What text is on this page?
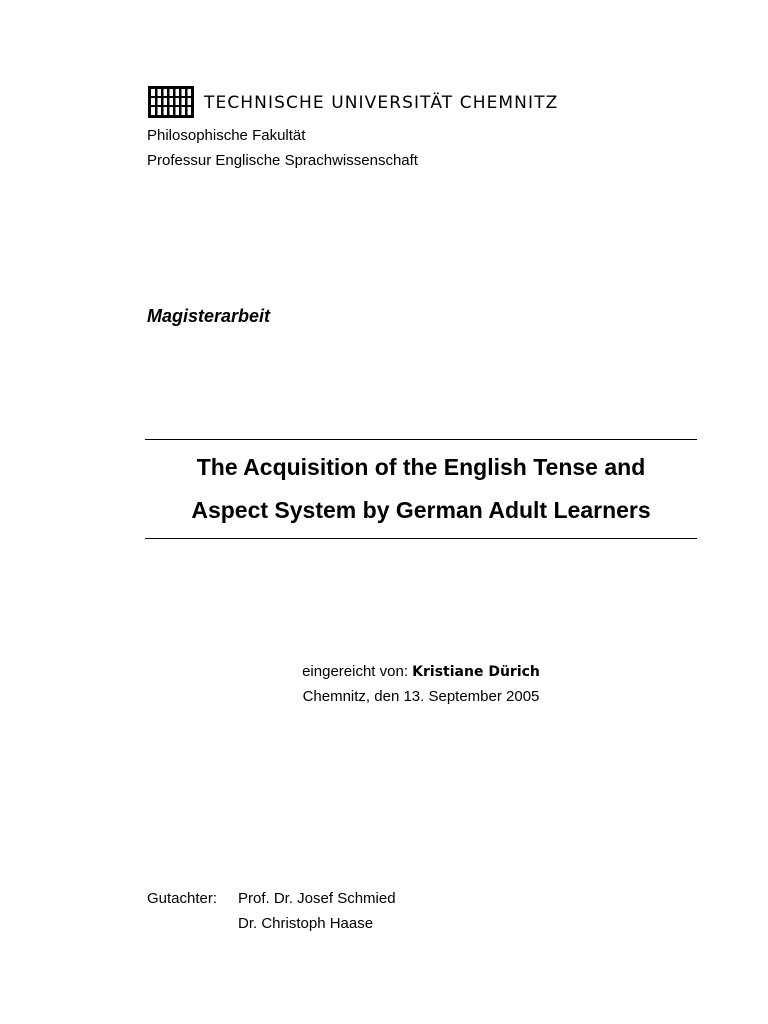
TECHNISCHE UNIVERSITÄT CHEMNITZ
Philosophische Fakultät
Professur Englische Sprachwissenschaft
Magisterarbeit
The Acquisition of the English Tense and
Aspect System by German Adult Learners
eingereicht von: Kristiane Dürich
Chemnitz, den 13. September 2005
Gutachter: Prof. Dr. Josef Schmied
Dr. Christoph Haase
